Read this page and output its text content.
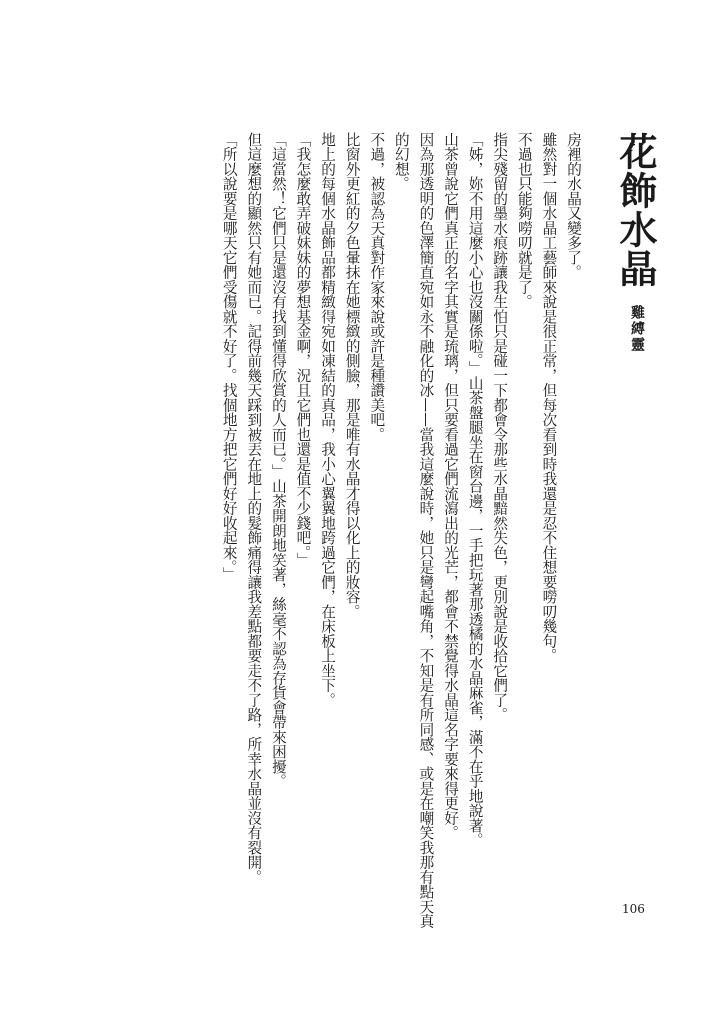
花飾水晶
雞縛靈

房裡的水晶又變多了。

雖然對一個水晶工藝師來說是很正常，但每次看到時我還是忍不住想要嘮叨幾句。

不過也只能夠嘮叨就是了。

指尖殘留的墨水痕跡讓我生怕只是碰一下都會令那些水晶黯然失色，更別說是收拾它們了。

「姊，妳不用這麼小心也沒關係啦。」山茶盤腿坐在窗台邊，一手把玩著那透橘的水晶麻雀，滿不在乎地說著。

山茶曾說它們真正的名字其實是琉璃，但只要看過它們流瀉出的光芒，都會不禁覺得水晶這名字要來得更好。

因為那透明的色澤簡直宛如永不融化的冰——當我這麼說時，她只是彎起嘴角，不知是有所同感、或是在嘲笑我那有點天真的幻想。

不過，被認為天真對作家來說或許是種讚美吧。

比窗外更紅的夕色暈抹在她標緻的側臉，那是唯有水晶才得以化上的妝容。

地上的每個水晶飾品都精緻得宛如凍結的真品，我小心翼翼地跨過它們，在床板上坐下。

「我怎麼敢弄破妹妹的夢想基金啊，況且它們也還是值不少錢吧。」

「這當然！它們只是還沒有找到懂得欣賞的人而已。」山茶開朗地笑著，絲毫不認為存貨會帶來困擾。

但這麼想的顯然只有她而已。記得前幾天踩到被丟在地上的髮飾痛得讓我差點都要走不了路，所幸水晶並沒有裂開。

「所以說要是哪天它們受傷就不好了。找個地方把它們好好收起來。」

106
